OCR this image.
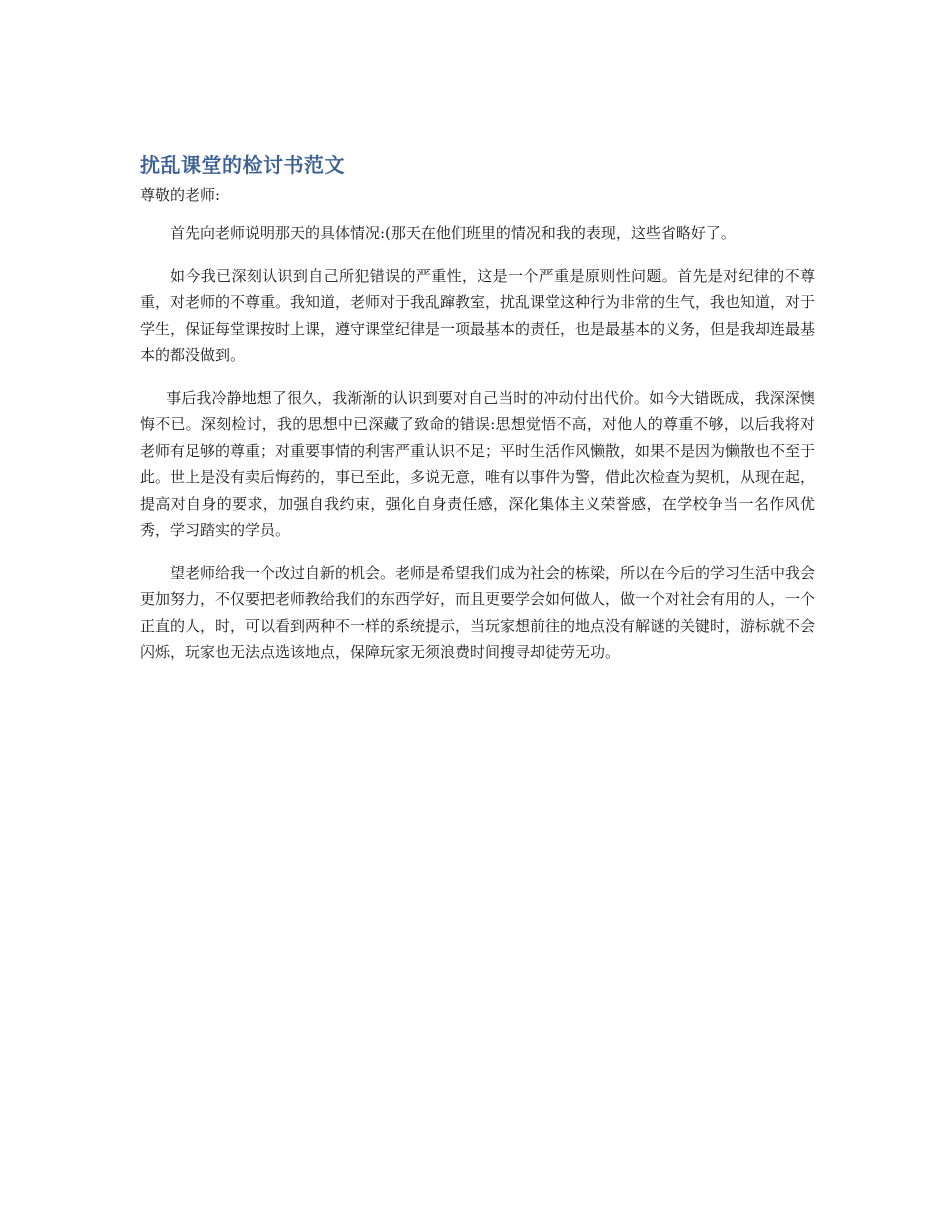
扰乱课堂的检讨书范文

尊敬的老师:

首先向老师说明那天的具体情况:(那天在他们班里的情况和我的表现，这些省略好了。

如今我已深刻认识到自己所犯错误的严重性，这是一个严重是原则性问题。首先是对纪律的不尊重，对老师的不尊重。我知道，老师对于我乱蹿教室，扰乱课堂这种行为非常的生气，我也知道，对于学生，保证每堂课按时上课，遵守课堂纪律是一项最基本的责任，也是最基本的义务，但是我却连最基本的都没做到。

事后我冷静地想了很久，我渐渐的认识到要对自己当时的冲动付出代价。如今大错既成，我深深懊悔不已。深刻检讨，我的思想中已深藏了致命的错误:思想觉悟不高，对他人的尊重不够，以后我将对老师有足够的尊重；对重要事情的利害严重认识不足；平时生活作风懒散，如果不是因为懒散也不至于此。世上是没有卖后悔药的，事已至此，多说无意，唯有以事件为警，借此次检查为契机，从现在起，提高对自身的要求，加强自我约束，强化自身责任感，深化集体主义荣誉感，在学校争当一名作风优秀，学习踏实的学员。

望老师给我一个改过自新的机会。老师是希望我们成为社会的栋梁，所以在今后的学习生活中我会更加努力，不仅要把老师教给我们的东西学好，而且更要学会如何做人，做一个对社会有用的人，一个正直的人，时，可以看到两种不一样的系统提示，当玩家想前往的地点没有解谜的关键时，游标就不会闪烁，玩家也无法点选该地点，保障玩家无须浪费时间搜寻却徒劳无功。
